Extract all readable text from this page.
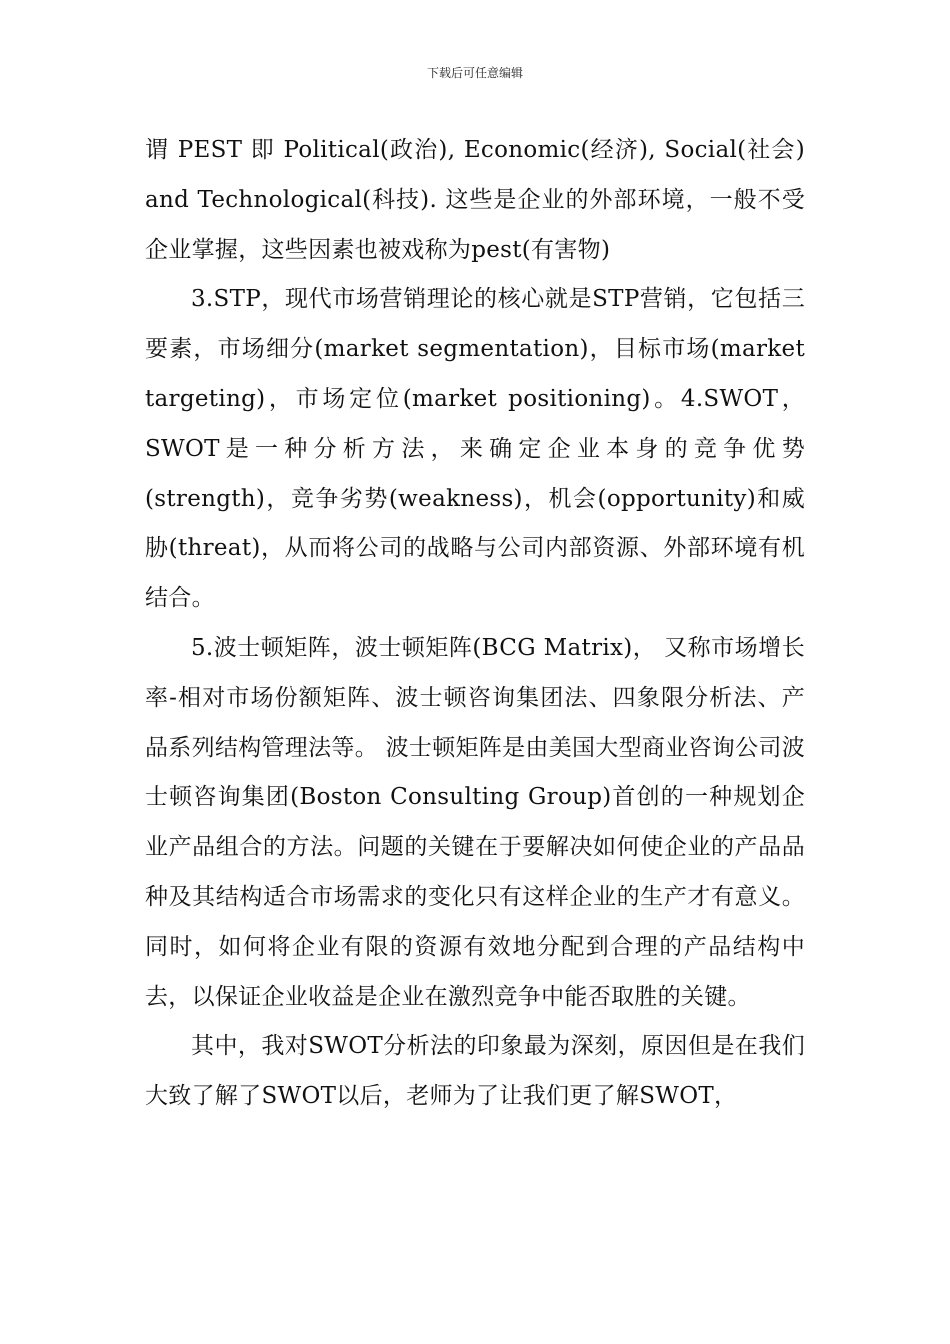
下载后可任意编辑

谓 PEST 即 Political(政治), Economic(经济), Social(社会) and Technological(科技). 这些是企业的外部环境，一般不受企业掌握，这些因素也被戏称为pest(有害物)

3.STP，现代市场营销理论的核心就是STP营销，它包括三要素，市场细分(market segmentation)，目标市场(market targeting)，市场定位(market positioning)。4.SWOT，SWOT是一种分析方法，来确定企业本身的竞争优势(strength)，竞争劣势(weakness)，机会(opportunity)和威胁(threat)，从而将公司的战略与公司内部资源、外部环境有机结合。

5.波士顿矩阵，波士顿矩阵(BCG Matrix)， 又称市场增长率-相对市场份额矩阵、波士顿咨询集团法、四象限分析法、产品系列结构管理法等。 波士顿矩阵是由美国大型商业咨询公司波士顿咨询集团(Boston Consulting Group)首创的一种规划企业产品组合的方法。问题的关键在于要解决如何使企业的产品品种及其结构适合市场需求的变化只有这样企业的生产才有意义。同时，如何将企业有限的资源有效地分配到合理的产品结构中去，以保证企业收益是企业在激烈竞争中能否取胜的关键。

其中，我对SWOT分析法的印象最为深刻，原因但是在我们大致了解了SWOT以后，老师为了让我们更了解SWOT，
